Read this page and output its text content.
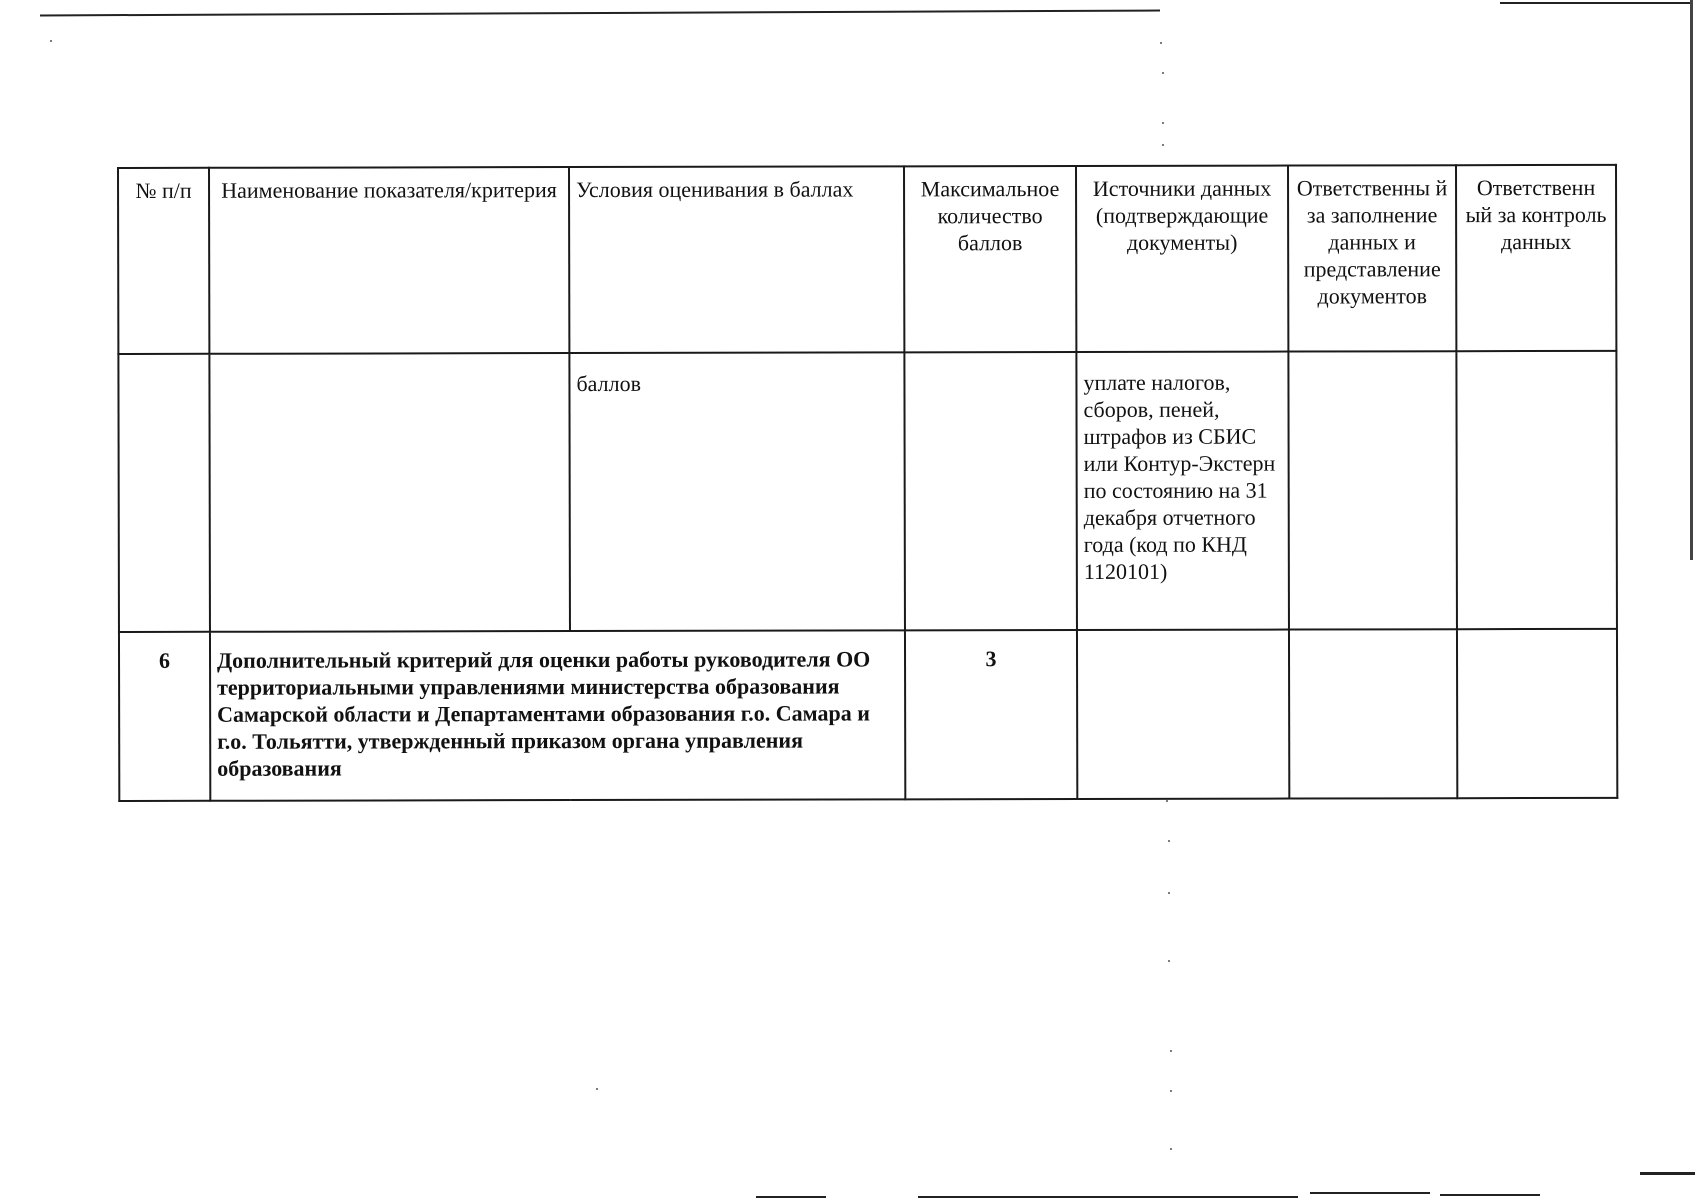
№ п/п	Наименование показателя/критерия	Условия оценивания в баллах	Максимальное количество баллов	Источники данных (подтверждающие документы)	Ответственны й за заполнение данных и представление документов	Ответственн ый за контроль данных
		баллов		уплате налогов, сборов, пеней, штрафов из СБИС или Контур-Экстерн по состоянию на 31 декабря отчетного года (код по КНД 1120101)		
6	Дополнительный критерий для оценки работы руководителя ОО территориальными управлениями министерства образования Самарской области и Департаментами образования г.о. Самара и г.о. Тольятти, утвержденный приказом органа управления образования		3			
